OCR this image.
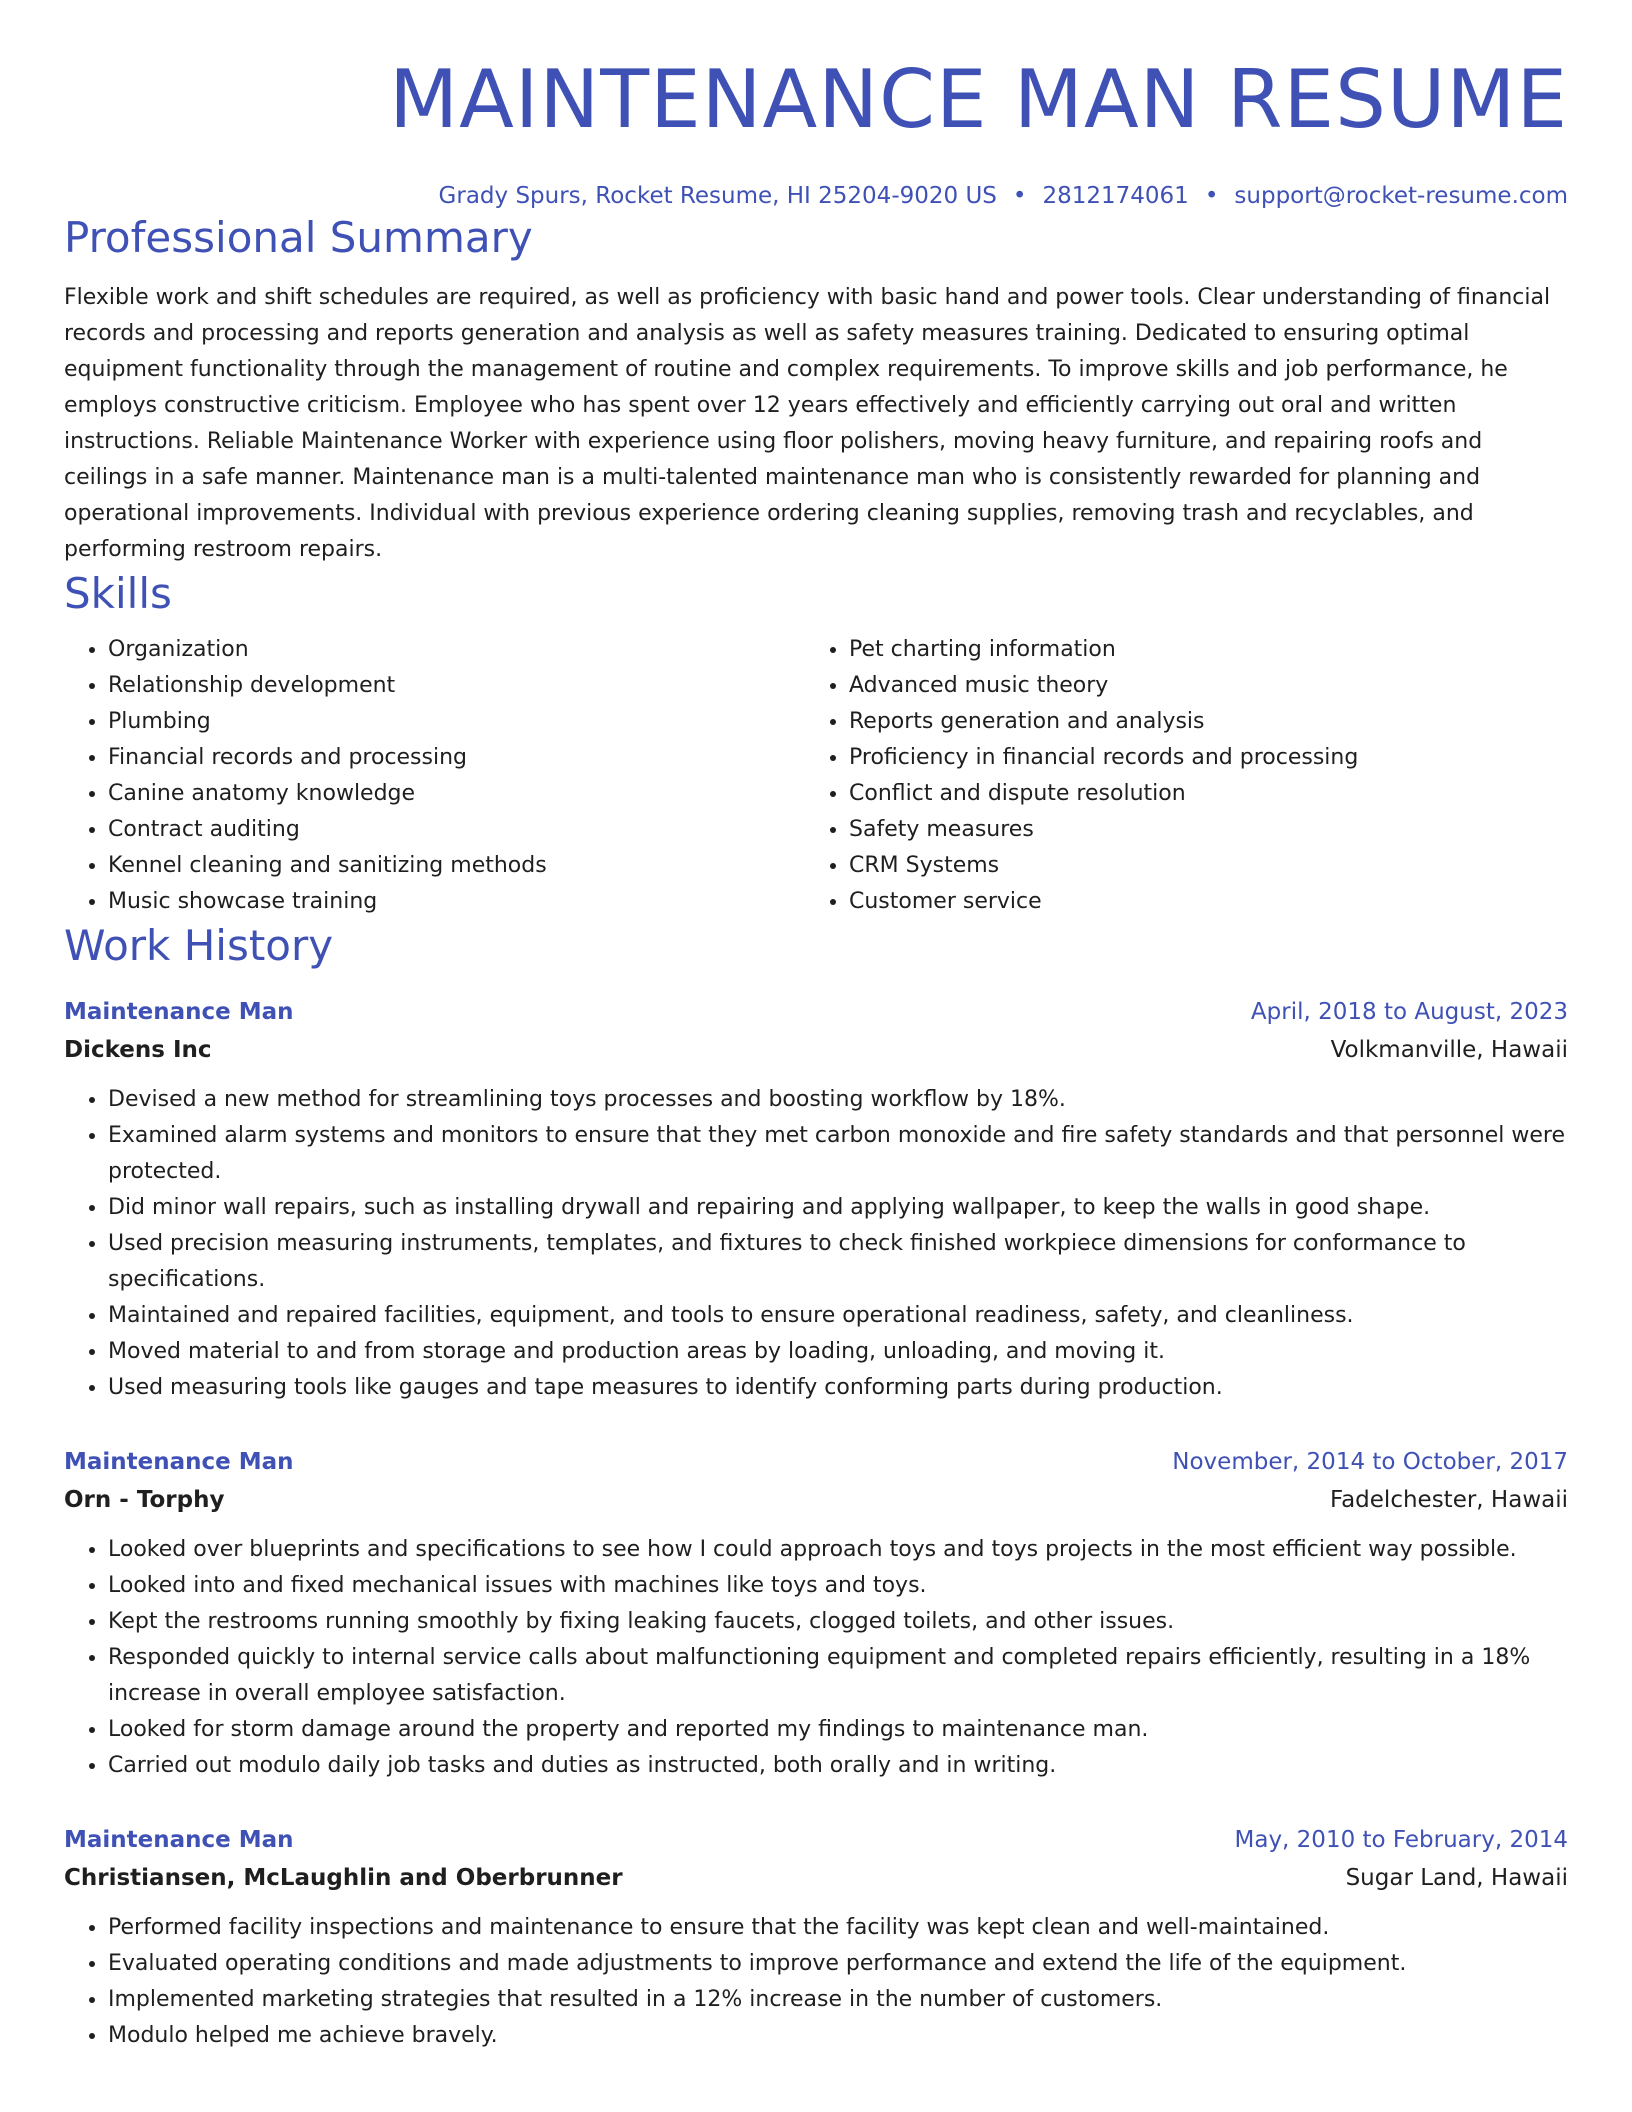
MAINTENANCE MAN RESUME
Grady Spurs, Rocket Resume, HI 25204-9020 US • 2812174061 • support@rocket-resume.com
Professional Summary
Flexible work and shift schedules are required, as well as proficiency with basic hand and power tools. Clear understanding of financial records and processing and reports generation and analysis as well as safety measures training. Dedicated to ensuring optimal equipment functionality through the management of routine and complex requirements. To improve skills and job performance, he employs constructive criticism. Employee who has spent over 12 years effectively and efficiently carrying out oral and written instructions. Reliable Maintenance Worker with experience using floor polishers, moving heavy furniture, and repairing roofs and ceilings in a safe manner. Maintenance man is a multi-talented maintenance man who is consistently rewarded for planning and operational improvements. Individual with previous experience ordering cleaning supplies, removing trash and recyclables, and performing restroom repairs.
Skills
• Organization
• Relationship development
• Plumbing
• Financial records and processing
• Canine anatomy knowledge
• Contract auditing
• Kennel cleaning and sanitizing methods
• Music showcase training
• Pet charting information
• Advanced music theory
• Reports generation and analysis
• Proficiency in financial records and processing
• Conflict and dispute resolution
• Safety measures
• CRM Systems
• Customer service
Work History
Maintenance Man	April, 2018 to August, 2023
Dickens Inc	Volkmanville, Hawaii
• Devised a new method for streamlining toys processes and boosting workflow by 18%.
• Examined alarm systems and monitors to ensure that they met carbon monoxide and fire safety standards and that personnel were protected.
• Did minor wall repairs, such as installing drywall and repairing and applying wallpaper, to keep the walls in good shape.
• Used precision measuring instruments, templates, and fixtures to check finished workpiece dimensions for conformance to specifications.
• Maintained and repaired facilities, equipment, and tools to ensure operational readiness, safety, and cleanliness.
• Moved material to and from storage and production areas by loading, unloading, and moving it.
• Used measuring tools like gauges and tape measures to identify conforming parts during production.
Maintenance Man	November, 2014 to October, 2017
Orn - Torphy	Fadelchester, Hawaii
• Looked over blueprints and specifications to see how I could approach toys and toys projects in the most efficient way possible.
• Looked into and fixed mechanical issues with machines like toys and toys.
• Kept the restrooms running smoothly by fixing leaking faucets, clogged toilets, and other issues.
• Responded quickly to internal service calls about malfunctioning equipment and completed repairs efficiently, resulting in a 18% increase in overall employee satisfaction.
• Looked for storm damage around the property and reported my findings to maintenance man.
• Carried out modulo daily job tasks and duties as instructed, both orally and in writing.
Maintenance Man	May, 2010 to February, 2014
Christiansen, McLaughlin and Oberbrunner	Sugar Land, Hawaii
• Performed facility inspections and maintenance to ensure that the facility was kept clean and well-maintained.
• Evaluated operating conditions and made adjustments to improve performance and extend the life of the equipment.
• Implemented marketing strategies that resulted in a 12% increase in the number of customers.
• Modulo helped me achieve bravely.
